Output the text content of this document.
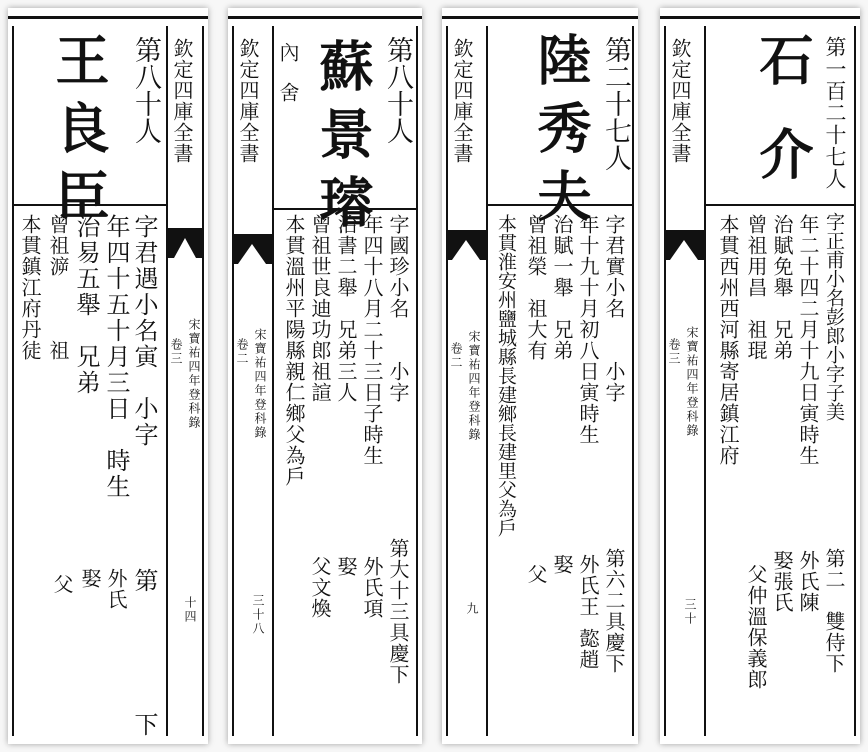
第八十人
王良臣
字君遇小名寅　小字
年四十五十月三日　時生
治易五舉　兄弟
曾祖㴑　　　祖
本貫鎮江府丹徒
第
外氏
娶
父
下
欽定四庫全書
宋寶祐四年登科錄
卷三
十四
第八十人
蘇景璿
內舍
字國珍小名　　小字
年四十八月二十三日子時生
治書二舉　兄弟三人
曾祖世良迪功郎祖諠
本貫溫州平陽縣親仁鄉父為戶
第大十三具慶下
外氏項
娶
父文煥
欽定四庫全書
宋寶祐四年登科錄
卷二
三十八
第二十七人
陸秀夫
字君實小名　　小字
年十九十月初八日寅時生
治賦一舉　兄弟
曾祖榮　祖大有
本貫淮安州鹽城縣長建鄉長建里父為戶
第六二具慶下
外氏王
㦤趙
娶
父
欽定四庫全書
宋寶祐四年登科錄
卷二
九
第一百二十七人
石介
字正甫小名彭郎小字子美
年二十四二月十九日寅時生
治賦免舉　兄弟
曾祖用昌　祖琨
本貫西州西河縣寄居鎮江府
第二　雙侍下
外氏陳
娶張氏
父仲溫保義郎
欽定四庫全書
宋寶祐四年登科錄
卷三
三十
